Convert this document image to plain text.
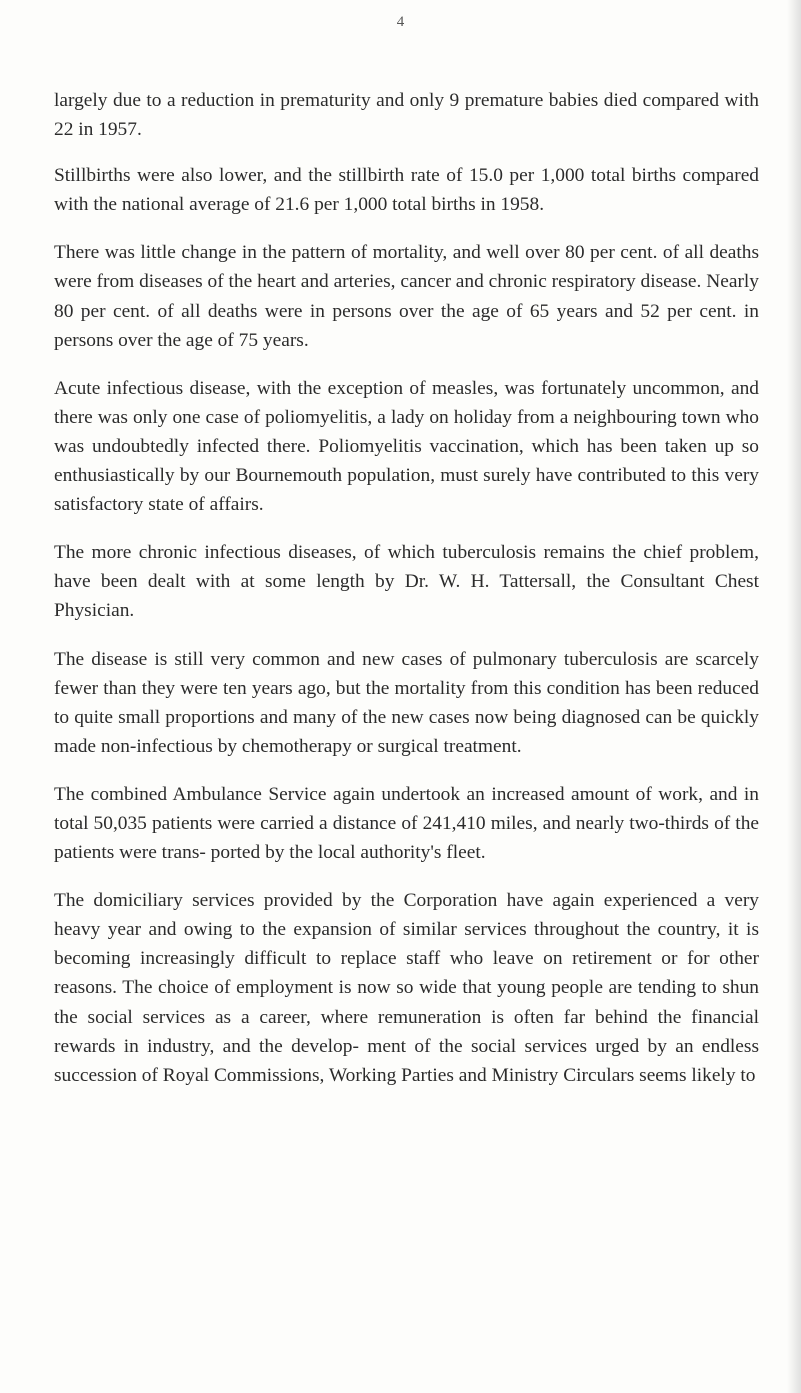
4

largely due to a reduction in prematurity and only 9 premature babies died compared with 22 in 1957.

Stillbirths were also lower, and the stillbirth rate of 15.0 per 1,000 total births compared with the national average of 21.6 per 1,000 total births in 1958.

There was little change in the pattern of mortality, and well over 80 per cent. of all deaths were from diseases of the heart and arteries, cancer and chronic respiratory disease. Nearly 80 per cent. of all deaths were in persons over the age of 65 years and 52 per cent. in persons over the age of 75 years.

Acute infectious disease, with the exception of measles, was fortunately uncommon, and there was only one case of poliomyelitis, a lady on holiday from a neighbouring town who was undoubtedly infected there. Poliomyelitis vaccination, which has been taken up so enthusiastically by our Bournemouth population, must surely have contributed to this very satisfactory state of affairs.

The more chronic infectious diseases, of which tuberculosis remains the chief problem, have been dealt with at some length by Dr. W. H. Tattersall, the Consultant Chest Physician.

The disease is still very common and new cases of pulmonary tuberculosis are scarcely fewer than they were ten years ago, but the mortality from this condition has been reduced to quite small proportions and many of the new cases now being diagnosed can be quickly made non-infectious by chemotherapy or surgical treatment.

The combined Ambulance Service again undertook an increased amount of work, and in total 50,035 patients were carried a distance of 241,410 miles, and nearly two-thirds of the patients were trans- ported by the local authority's fleet.

The domiciliary services provided by the Corporation have again experienced a very heavy year and owing to the expansion of similar services throughout the country, it is becoming increasingly difficult to replace staff who leave on retirement or for other reasons. The choice of employment is now so wide that young people are tending to shun the social services as a career, where remuneration is often far behind the financial rewards in industry, and the develop- ment of the social services urged by an endless succession of Royal Commissions, Working Parties and Ministry Circulars seems likely to
